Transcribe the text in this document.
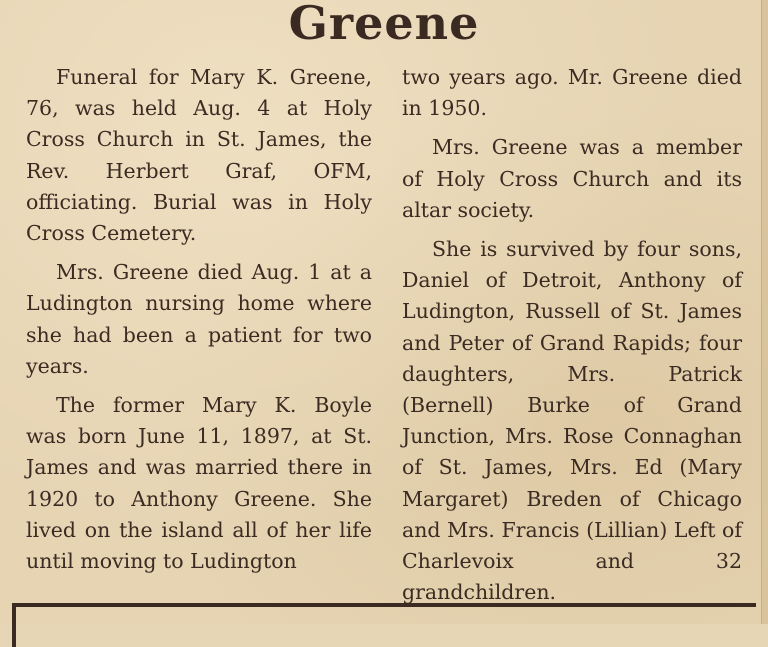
Greene

Funeral for Mary K. Greene, 76, was held Aug. 4 at Holy Cross Church in St. James, the Rev. Herbert Graf, OFM, officiating. Burial was in Holy Cross Cemetery.

Mrs. Greene died Aug. 1 at a Ludington nursing home where she had been a patient for two years.

The former Mary K. Boyle was born June 11, 1897, at St. James and was married there in 1920 to Anthony Greene. She lived on the island all of her life until moving to Ludington

two years ago. Mr. Greene died in 1950.

Mrs. Greene was a member of Holy Cross Church and its altar society.

She is survived by four sons, Daniel of Detroit, Anthony of Ludington, Russell of St. James and Peter of Grand Rapids; four daughters, Mrs. Patrick (Bernell) Burke of Grand Junction, Mrs. Rose Connaghan of St. James, Mrs. Ed (Mary Margaret) Breden of Chicago and Mrs. Francis (Lillian) Left of Charlevoix and 32 grandchildren.
